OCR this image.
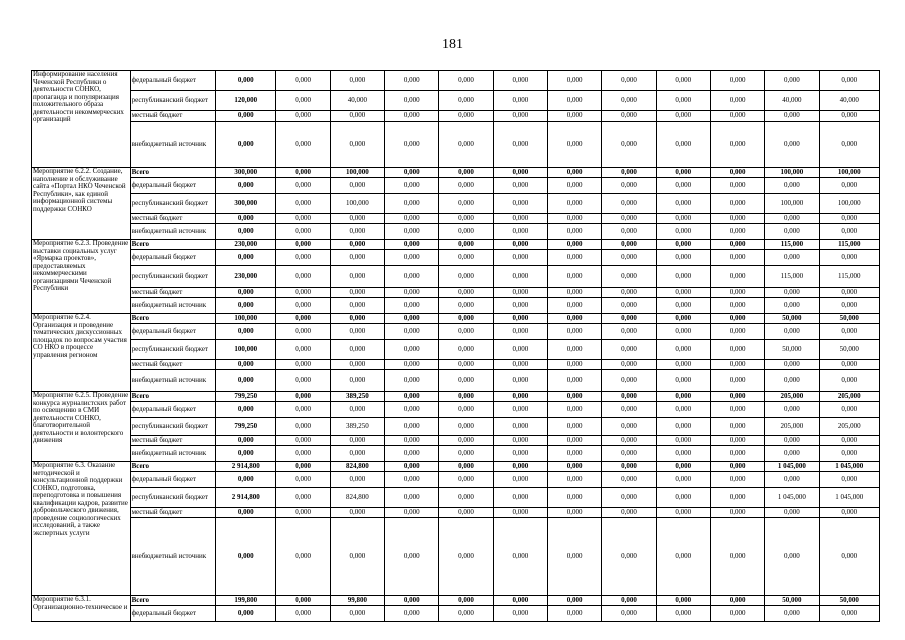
181
Информирование населения Чеченской Республики о деятельности СОНКО, пропаганда и популяризация положительного образа деятельности некоммерческих организаций	федеральный бюджет	0,000	0,000	0,000	0,000	0,000	0,000	0,000	0,000	0,000	0,000	0,000	0,000
	республиканский бюджет	120,000	0,000	40,000	0,000	0,000	0,000	0,000	0,000	0,000	0,000	40,000	40,000
	местный бюджет	0,000	0,000	0,000	0,000	0,000	0,000	0,000	0,000	0,000	0,000	0,000	0,000
	внебюджетный источник	0,000	0,000	0,000	0,000	0,000	0,000	0,000	0,000	0,000	0,000	0,000	0,000
Мероприятие 6.2.2. Создание, наполнение и обслуживание сайта «Портал НКО Чеченской Республики», как единой информационной системы поддержки СОНКО	Всего	300,000	0,000	100,000	0,000	0,000	0,000	0,000	0,000	0,000	0,000	100,000	100,000
	федеральный бюджет	0,000	0,000	0,000	0,000	0,000	0,000	0,000	0,000	0,000	0,000	0,000	0,000
	республиканский бюджет	300,000	0,000	100,000	0,000	0,000	0,000	0,000	0,000	0,000	0,000	100,000	100,000
	местный бюджет	0,000	0,000	0,000	0,000	0,000	0,000	0,000	0,000	0,000	0,000	0,000	0,000
	внебюджетный источник	0,000	0,000	0,000	0,000	0,000	0,000	0,000	0,000	0,000	0,000	0,000	0,000
Мероприятие 6.2.3. Проведение выставки социальных услуг «Ярмарка проектов», предоставляемых некоммерческими организациями Чеченской Республики	Всего	230,000	0,000	0,000	0,000	0,000	0,000	0,000	0,000	0,000	0,000	115,000	115,000
	федеральный бюджет	0,000	0,000	0,000	0,000	0,000	0,000	0,000	0,000	0,000	0,000	0,000	0,000
	республиканский бюджет	230,000	0,000	0,000	0,000	0,000	0,000	0,000	0,000	0,000	0,000	115,000	115,000
	местный бюджет	0,000	0,000	0,000	0,000	0,000	0,000	0,000	0,000	0,000	0,000	0,000	0,000
	внебюджетный источник	0,000	0,000	0,000	0,000	0,000	0,000	0,000	0,000	0,000	0,000	0,000	0,000
Мероприятие 6.2.4. Организация и проведение тематических дискуссионных площадок по вопросам участия СО НКО в процессе управления регионом	Всего	100,000	0,000	0,000	0,000	0,000	0,000	0,000	0,000	0,000	0,000	50,000	50,000
	федеральный бюджет	0,000	0,000	0,000	0,000	0,000	0,000	0,000	0,000	0,000	0,000	0,000	0,000
	республиканский бюджет	100,000	0,000	0,000	0,000	0,000	0,000	0,000	0,000	0,000	0,000	50,000	50,000
	местный бюджет	0,000	0,000	0,000	0,000	0,000	0,000	0,000	0,000	0,000	0,000	0,000	0,000
	внебюджетный источник	0,000	0,000	0,000	0,000	0,000	0,000	0,000	0,000	0,000	0,000	0,000	0,000
Мероприятие 6.2.5. Проведение конкурса журналистских работ по освещению в СМИ деятельности СОНКО, благотворительной деятельности и волонтерского движения	Всего	799,250	0,000	389,250	0,000	0,000	0,000	0,000	0,000	0,000	0,000	205,000	205,000
	федеральный бюджет	0,000	0,000	0,000	0,000	0,000	0,000	0,000	0,000	0,000	0,000	0,000	0,000
	республиканский бюджет	799,250	0,000	389,250	0,000	0,000	0,000	0,000	0,000	0,000	0,000	205,000	205,000
	местный бюджет	0,000	0,000	0,000	0,000	0,000	0,000	0,000	0,000	0,000	0,000	0,000	0,000
	внебюджетный источник	0,000	0,000	0,000	0,000	0,000	0,000	0,000	0,000	0,000	0,000	0,000	0,000
Мероприятие 6.3. Оказание методической и консультационной поддержки СОНКО, подготовка, переподготовка и повышения квалификации кадров, развитие добровольческого движения, проведение социологических исследований, а также экспертных услуги	Всего	2 914,800	0,000	824,800	0,000	0,000	0,000	0,000	0,000	0,000	0,000	1 045,000	1 045,000
	федеральный бюджет	0,000	0,000	0,000	0,000	0,000	0,000	0,000	0,000	0,000	0,000	0,000	0,000
	республиканский бюджет	2 914,800	0,000	824,800	0,000	0,000	0,000	0,000	0,000	0,000	0,000	1 045,000	1 045,000
	местный бюджет	0,000	0,000	0,000	0,000	0,000	0,000	0,000	0,000	0,000	0,000	0,000	0,000
	внебюджетный источник	0,000	0,000	0,000	0,000	0,000	0,000	0,000	0,000	0,000	0,000	0,000	0,000
Мероприятие 6.3.1. Организационно-техническое и	Всего	199,800	0,000	99,800	0,000	0,000	0,000	0,000	0,000	0,000	0,000	50,000	50,000
	федеральный бюджет	0,000	0,000	0,000	0,000	0,000	0,000	0,000	0,000	0,000	0,000	0,000	0,000
